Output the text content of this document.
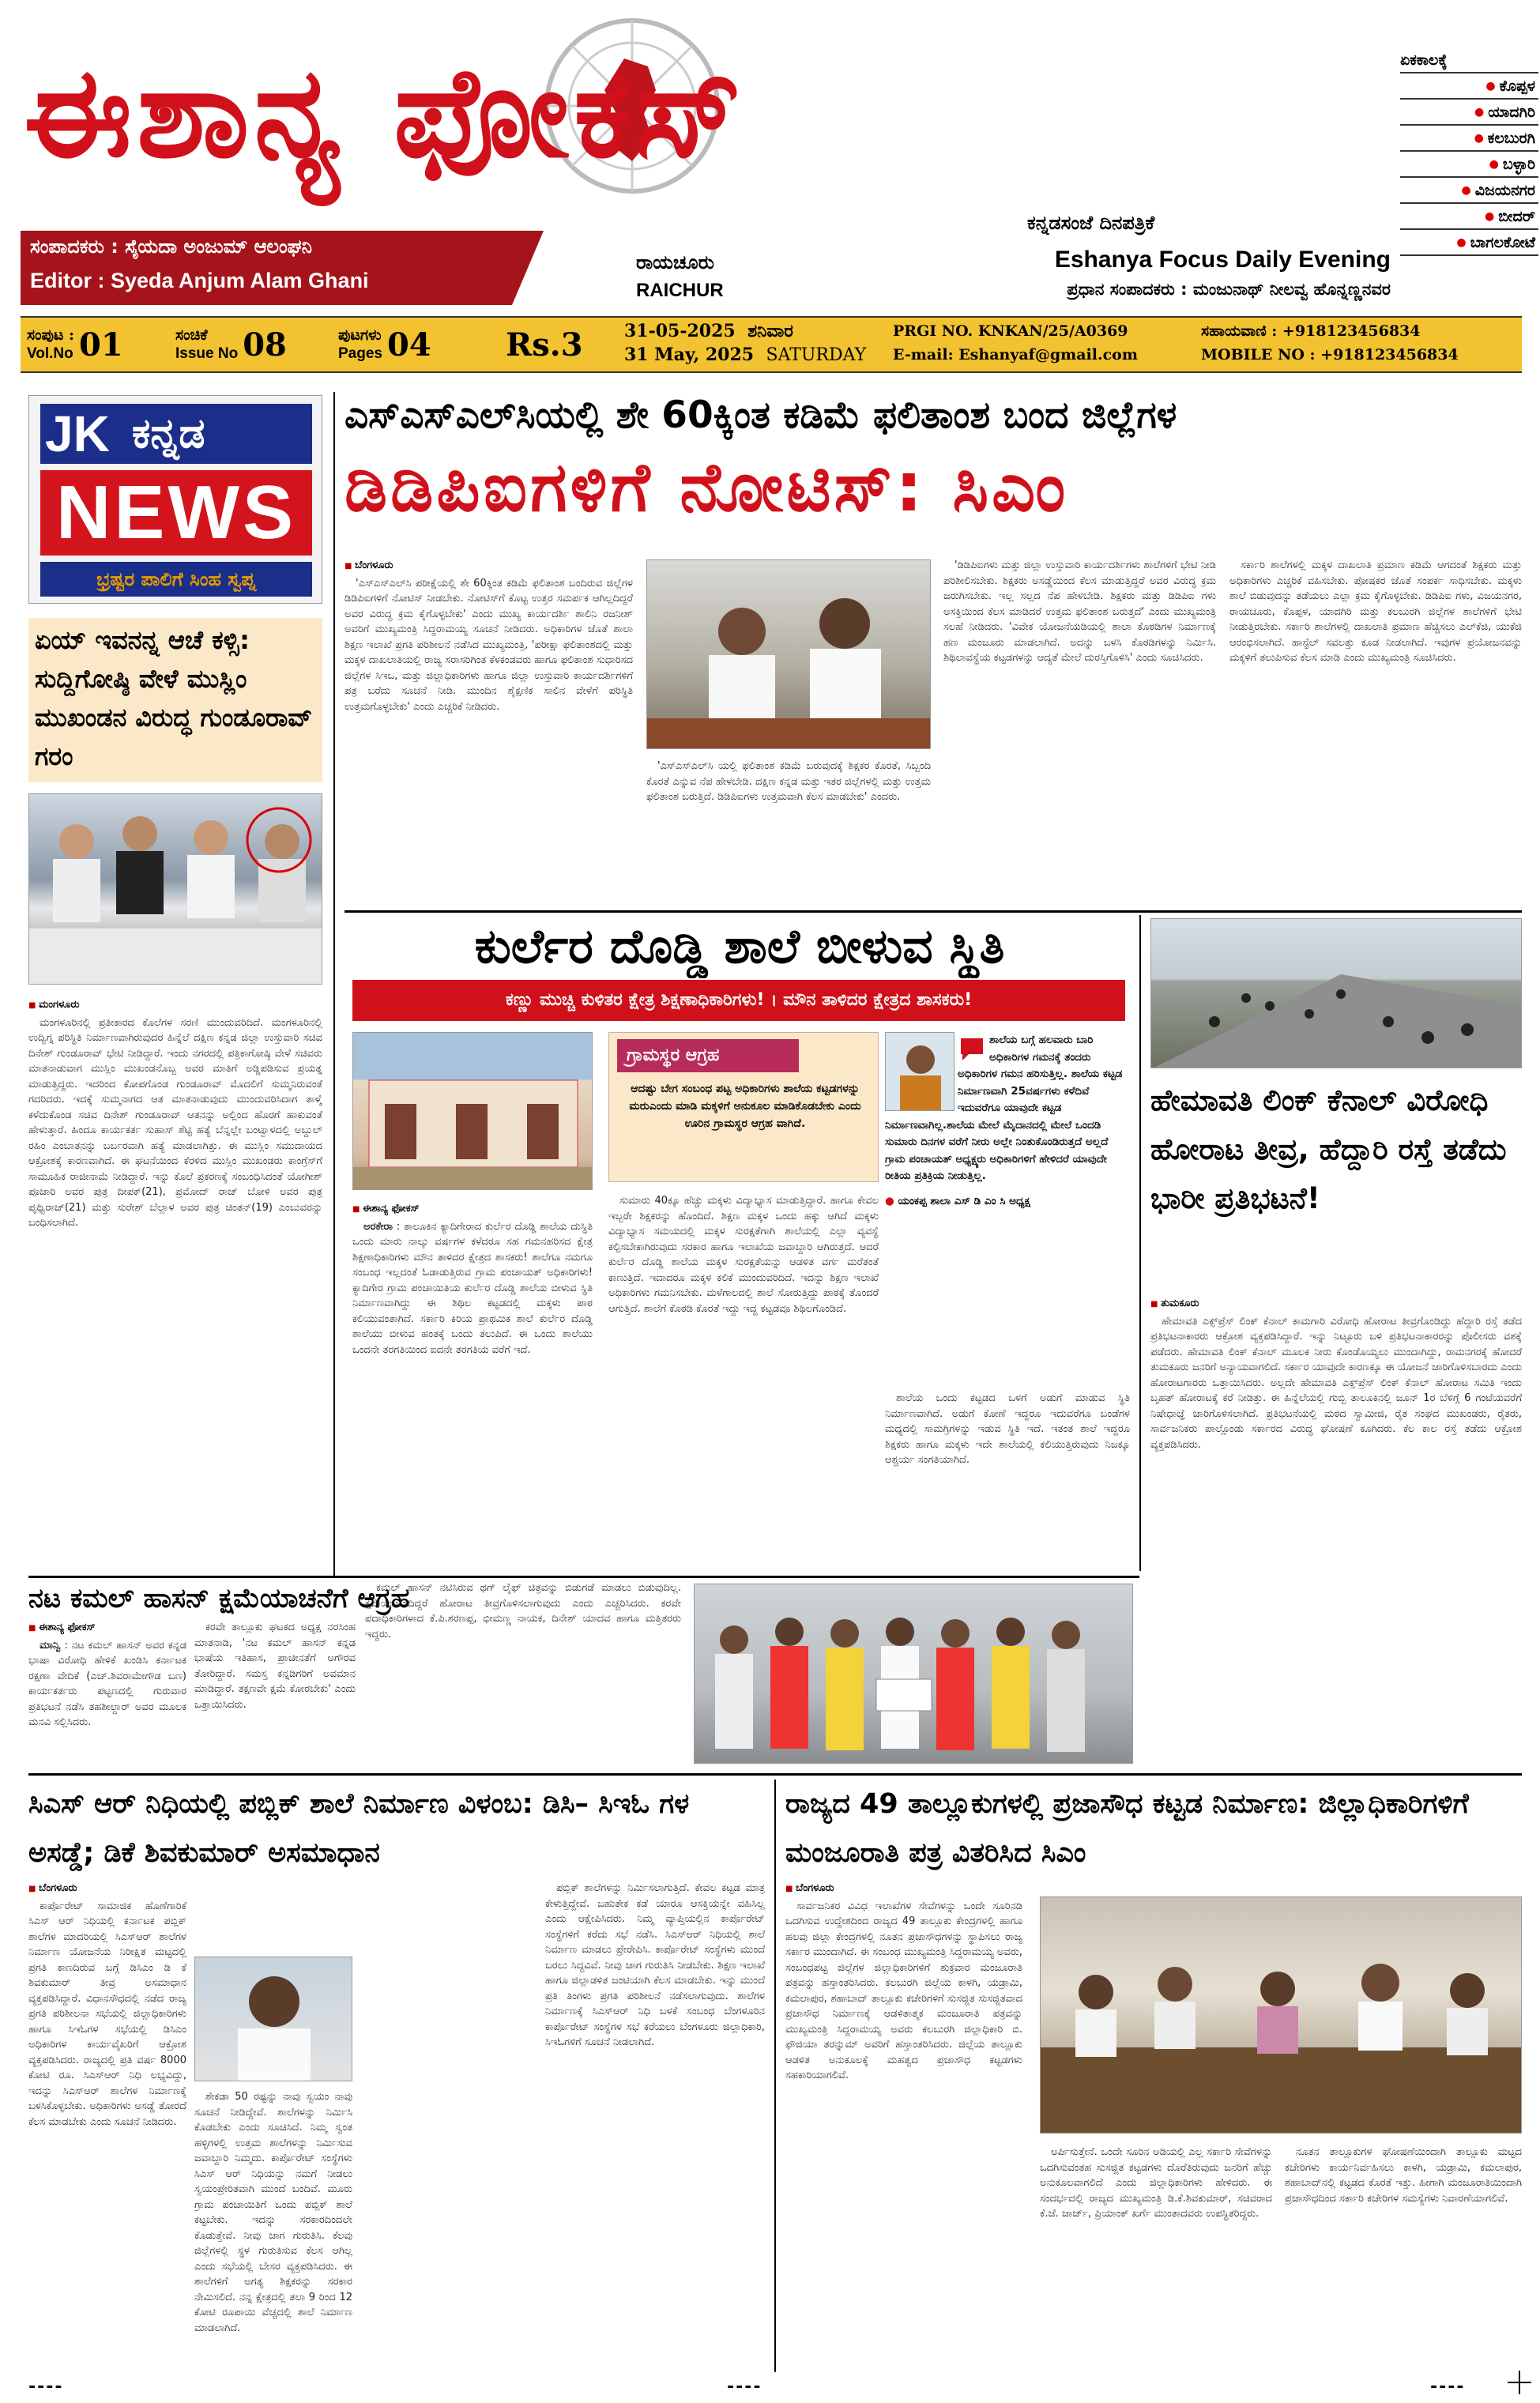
ಈಶಾನ್ಯ ಫೋಕಸ್	ಏಕಕಾಲಕ್ಕೆ
● ಕೊಪ್ಪಳ
● ಯಾದಗಿರಿ
● ಕಲಬುರಗಿ
● ಬಳ್ಳಾರಿ
● ವಿಜಯನಗರ
● ಬೀದರ್
● ಬಾಗಲಕೋಟೆ
ಸಂಪಾದಕರು : ಸೈಯದಾ ಅಂಜುಮ್ ಆಲಂಘನಿ
Editor : Syeda Anjum Alam Ghani
ರಾಯಚೂರು
RAICHUR
ಕನ್ನಡಸಂಜೆ ದಿನಪತ್ರಿಕೆ
Eshanya Focus Daily Evening
ಪ್ರಧಾನ ಸಂಪಾದಕರು : ಮಂಜುನಾಥ್ ನೀಲವ್ವ ಹೊನ್ನಣ್ಣನವರ
ಸಂಪುಟ :
Vol.No 01	ಸಂಚಿಕೆ
Issue No 08	ಪುಟಗಳು
Pages 04 Rs.3	31-05-2025 ಶನಿವಾರ
31 May, 2025 SATURDAY
PRGI NO. KNKAN/25/A0369
E-mail: Eshanyaf@gmail.com
ಸಹಾಯವಾಣಿ : +918123456834
MOBILE NO : +918123456834
JK ಕನ್ನಡ
NEWS
ಭ್ರಷ್ಟರ ಪಾಲಿಗೆ ಸಿಂಹ ಸ್ವಪ್ನ
ಏಯ್ ಇವನನ್ನ ಆಚೆ ಕಳ್ಸಿ: ಸುದ್ದಿಗೋಷ್ಠಿ ವೇಳೆ ಮುಸ್ಲಿಂ ಮುಖಂಡನ ವಿರುದ್ಧ ಗುಂಡೂರಾವ್ ಗರಂ
■ ಮಂಗಳೂರು

ಮಂಗಳೂರಿನಲ್ಲಿ ಪ್ರತೀಕಾರದ ಕೊಲೆಗಳ ಸರಣಿ ಮುಂದುವರಿದಿದೆ. ಮಂಗಳೂರಿನಲ್ಲಿ ಉದ್ವಿಗ್ನ ಪರಿಸ್ಥಿತಿ ನಿರ್ಮಾಣವಾಗಿರುವುದರ ಹಿನ್ನೆಲೆ ದಕ್ಷಿಣ ಕನ್ನಡ ಜಿಲ್ಲಾ ಉಸ್ತುವಾರಿ ಸಚಿವ ದಿನೇಶ್ ಗುಂಡೂರಾವ್ ಭೇಟಿ ನೀಡಿದ್ದಾರೆ. ಇಂದು ನಗರದಲ್ಲಿ ಪತ್ರಿಕಾಗೋಷ್ಠಿ ವೇಳೆ ಸಚಿವರು ಮಾತನಾಡುವಾಗ ಮುಸ್ಲಿಂ ಮುಖಂಡನೊಬ್ಬ ಅವರ ಮಾತಿಗೆ ಅಡ್ಡಿಪಡಿಸುವ ಪ್ರಯತ್ನ ಮಾಡುತ್ತಿದ್ದರು. ಇದರಿಂದ ಕೋಪಗೊಂಡ ಗುಂಡೂರಾವ್ ಮೊದಲಿಗೆ ಸುಮ್ಮನಿರುವಂತೆ ಗದರಿದರು. ಇದಕ್ಕೆ ಸುಮ್ಮನಾಗದ ಆತ ಮಾತನಾಡುವುದು ಮುಂದುವರಿಸಿದಾಗ ತಾಳ್ಮೆ ಕಳೆದುಕೊಂಡ ಸಚಿವ ದಿನೇಶ್ ಗುಂಡೂರಾವ್ ಆತನನ್ನು ಅಲ್ಲಿಂದ ಹೊರಗೆ ಹಾಕುವಂತೆ ಹೇಳುತ್ತಾರೆ. ಹಿಂದೂ ಕಾರ್ಯಕರ್ತ ಸುಹಾಸ್ ಶೆಟ್ಟಿ ಹತ್ಯೆ ಬೆನ್ನಲ್ಲೇ ಬಂಟ್ವಾಳದಲ್ಲಿ ಅಬ್ದುಲ್ ರಹಿಂ ಎಂಬಾತನನ್ನು ಬರ್ಬರವಾಗಿ ಹತ್ಯೆ ಮಾಡಲಾಗಿತ್ತು. ಈ ಮುಸ್ಲಿಂ ಸಮುದಾಯದ ಆಕ್ರೋಶಕ್ಕೆ ಕಾರಣವಾಗಿದೆ. ಈ ಘಟನೆಯಿಂದ ಕೆರಳಿದ ಮುಸ್ಲಿಂ ಮುಖಂಡರು ಕಾಂಗ್ರೆಸ್‌ಗೆ ಸಾಮೂಹಿಕ ರಾಜೀನಾಮೆ ನೀಡಿದ್ದಾರೆ. ಇನ್ನು ಕೊಲೆ ಪ್ರಕರಣಕ್ಕೆ ಸಂಬಂಧಿಸಿದಂತೆ ಯೋಗೀಶ್ ಪೂಜಾರಿ ಅವರ ಪುತ್ರ ದೀಪಕ್(21), ಪ್ರಮೋದ್ ರಾಜ್ ಬೋಳಿ ಅವರ ಪುತ್ರ ಪೃಥ್ವಿರಾಜ್(21) ಮತ್ತು ಸುರೇಶ್ ಬೆಲ್ಲಾಳ ಅವರ ಪುತ್ರ ಚಿಂತನ್(19) ಎಂಬುವರನ್ನು ಬಂಧಿಸಲಾಗಿದೆ.

ಎಸ್‌ಎಸ್‌ಎಲ್‌ಸಿಯಲ್ಲಿ ಶೇ 60ಕ್ಕಿಂತ ಕಡಿಮೆ ಫಲಿತಾಂಶ ಬಂದ ಜಿಲ್ಲೆಗಳ
ಡಿಡಿಪಿಐಗಳಿಗೆ ನೋಟಿಸ್: ಸಿಎಂ
■ ಬೆಂಗಳೂರು

'ಎಸ್‌ಎಸ್‌ಎಲ್‌ಸಿ ಪರೀಕ್ಷೆಯಲ್ಲಿ ಶೇ 60ಕ್ಕಿಂತ ಕಡಿಮೆ ಫಲಿತಾಂಶ ಬಂದಿರುವ ಜಿಲ್ಲೆಗಳ ಡಿಡಿಪಿಐಗಳಿಗೆ ನೋಟಿಸ್ ನೀಡಬೇಕು. ನೋಟಿಸ್‌ಗೆ ಕೊಟ್ಟ ಉತ್ತರ ಸಮರ್ಪಕ ಆಗಿಲ್ಲದಿದ್ದರೆ ಅವರ ವಿರುದ್ಧ ಕ್ರಮ ಕೈಗೊಳ್ಳಬೇಕು' ಎಂದು ಮುಖ್ಯ ಕಾರ್ಯದರ್ಶಿ ಶಾಲಿನಿ ರಜನೀಶ್ ಅವರಿಗೆ ಮುಖ್ಯಮಂತ್ರಿ ಸಿದ್ದರಾಮಯ್ಯ ಸೂಚನೆ ನೀಡಿದರು. ಅಧಿಕಾರಿಗಳ ಜೊತೆ ಶಾಲಾ ಶಿಕ್ಷಣ ಇಲಾಖೆ ಪ್ರಗತಿ ಪರಿಶೀಲನೆ ನಡೆಸಿದ ಮುಖ್ಯಮಂತ್ರಿ, 'ಪರೀಕ್ಷಾ ಫಲಿತಾಂಶದಲ್ಲಿ ಮತ್ತು ಮಕ್ಕಳ ದಾಖಲಾತಿಯಲ್ಲಿ ರಾಜ್ಯ ಸರಾಸರಿಗಿಂತ ಕೆಳಕಂಡವರು ಹಾಗೂ ಫಲಿತಾಂಶ ಸುಧಾರಿಸದ ಜಿಲ್ಲೆಗಳ ಸಿಇಒ, ಮತ್ತು ಜಿಲ್ಲಾಧಿಕಾರಿಗಳು ಹಾಗೂ ಜಿಲ್ಲಾ ಉಸ್ತುವಾರಿ ಕಾರ್ಯದರ್ಶಿಗಳಿಗೆ ಪತ್ರ ಬರೆದು ಸೂಚನೆ ನೀಡಿ. ಮುಂದಿನ ಶೈಕ್ಷಣಿಕ ಸಾಲಿನ ವೇಳೆಗೆ ಪರಿಸ್ಥಿತಿ ಉತ್ತಮಗೊಳ್ಳಬೇಕು' ಎಂದು ಎಚ್ಚರಿಕೆ ನೀಡಿದರು.

'ಎಸ್‌ಎಸ್‌ಎಲ್‌ಸಿ ಯಲ್ಲಿ ಫಲಿತಾಂಶ ಕಡಿಮೆ ಬರುವುದಕ್ಕೆ ಶಿಕ್ಷಕರ ಕೊರತೆ, ಸಿಬ್ಬಂದಿ ಕೊರತೆ ಎನ್ನುವ ನೆಪ ಹೇಳಬೇಡಿ. ದಕ್ಷಿಣ ಕನ್ನಡ ಮತ್ತು ಇತರ ಜಿಲ್ಲೆಗಳಲ್ಲಿ ಮತ್ತು ಉತ್ತಮ ಫಲಿತಾಂಶ ಬರುತ್ತಿದೆ. ಡಿಡಿಪಿಐಗಳು ಉತ್ತಮವಾಗಿ ಕೆಲಸ ಮಾಡಬೇಕು' ಎಂದರು.

'ಡಿಡಿಪಿಐಗಳು ಮತ್ತು ಜಿಲ್ಲಾ ಉಸ್ತುವಾರಿ ಕಾರ್ಯದರ್ಶಿಗಳು ಶಾಲೆಗಳಿಗೆ ಭೇಟಿ ನೀಡಿ ಪರಿಶೀಲಿಸಬೇಕು. ಶಿಕ್ಷಕರು ಅಸಡ್ಡೆಯಿಂದ ಕೆಲಸ ಮಾಡುತ್ತಿದ್ದರೆ ಅವರ ವಿರುದ್ಧ ಕ್ರಮ ಜರುಗಿಸಬೇಕು. ಇಲ್ಲ ಸಲ್ಲದ ನೆಪ ಹೇಳಬೇಡಿ. ಶಿಕ್ಷಕರು ಮತ್ತು ಡಿಡಿಪಿಐ ಗಳು ಅಸಕ್ತಿಯಿಂದ ಕೆಲಸ ಮಾಡಿದರೆ ಉತ್ತಮ ಫಲಿತಾಂಶ ಬರುತ್ತದೆ' ಎಂದು ಮುಖ್ಯಮಂತ್ರಿ ಸಲಹೆ ನೀಡಿದರು. 'ವಿವೇಕ ಯೋಜನೆಯಡಿಯಲ್ಲಿ ಶಾಲಾ ಕೊಠಡಿಗಳ ನಿರ್ಮಾಣಕ್ಕೆ ಹಣ ಮಂಜೂರು ಮಾಡಲಾಗಿದೆ. ಅದನ್ನು ಬಳಸಿ ಕೊಠಡಿಗಳನ್ನು ನಿರ್ಮಿಸಿ. ಶಿಥಿಲಾವಸ್ಥೆಯ ಕಟ್ಟಡಗಳನ್ನು ಆದ್ಯತೆ ಮೇಲೆ ದುರಸ್ತಿಗೊಳಿಸಿ' ಎಂದು ಸೂಚಿಸಿದರು.

ಸರ್ಕಾರಿ ಶಾಲೆಗಳಲ್ಲಿ ಮಕ್ಕಳ ದಾಖಲಾತಿ ಪ್ರಮಾಣ ಕಡಿಮೆ ಆಗದಂತೆ ಶಿಕ್ಷಕರು ಮತ್ತು ಅಧಿಕಾರಿಗಳು ಎಚ್ಚರಿಕೆ ವಹಿಸಬೇಕು. ಪೋಷಕರ ಜೊತೆ ಸಂಪರ್ಕ ಸಾಧಿಸಬೇಕು. ಮಕ್ಕಳು ಶಾಲೆ ಬಿಡುವುದನ್ನು ತಡೆಯಲು ಎಲ್ಲಾ ಕ್ರಮ ಕೈಗೊಳ್ಳಬೇಕು. ಡಿಡಿಪಿಐ ಗಳು, ವಿಜಯನಗರ, ರಾಯಚೂರು, ಕೊಪ್ಪಳ, ಯಾದಗಿರಿ ಮತ್ತು ಕಲಬುರಗಿ ಜಿಲ್ಲೆಗಳ ಶಾಲೆಗಳಿಗೆ ಭೇಟಿ ನೀಡುತ್ತಿರಬೇಕು. ಸರ್ಕಾರಿ ಶಾಲೆಗಳಲ್ಲಿ ದಾಖಲಾತಿ ಪ್ರಮಾಣ ಹೆಚ್ಚಿಸಲು ಎಲ್‌ಕೆಜಿ, ಯುಕೆಜಿ ಆರಂಭಿಸಲಾಗಿದೆ. ಹಾಸ್ಟೆಲ್ ಸವಲತ್ತು ಕೂಡ ನೀಡಲಾಗಿದೆ. ಇವುಗಳ ಪ್ರಯೋಜನವನ್ನು ಮಕ್ಕಳಿಗೆ ತಲುಪಿಸುವ ಕೆಲಸ ಮಾಡಿ ಎಂದು ಮುಖ್ಯಮಂತ್ರಿ ಸೂಚಿಸಿದರು.

ಕುರ್ಲೆರ ದೊಡ್ಡಿ ಶಾಲೆ ಬೀಳುವ ಸ್ಥಿತಿ
ಕಣ್ಣು ಮುಚ್ಚಿ ಕುಳಿತರ ಕ್ಷೇತ್ರ ಶಿಕ್ಷಣಾಧಿಕಾರಿಗಳು! । ಮೌನ ತಾಳಿದರ ಕ್ಷೇತ್ರದ ಶಾಸಕರು!
ಗ್ರಾಮಸ್ಥರ ಆಗ್ರಹ
ಆದಷ್ಟು ಬೇಗ ಸಂಬಂಧ ಪಟ್ಟ ಅಧಿಕಾರಿಗಳು ಶಾಲೆಯ ಕಟ್ಟಡಗಳನ್ನು ಮರುಎಂದು ಮಾಡಿ ಮಕ್ಕಳಿಗೆ ಅನುಕೂಲ ಮಾಡಿಕೊಡಬೇಕು ಎಂದು ಊರಿನ ಗ್ರಾಮಸ್ಥರ ಆಗ್ರಹ ವಾಗಿದೆ.
ಶಾಲೆಯ ಬಗ್ಗೆ ಹಲವಾರು ಬಾರಿ ಅಧಿಕಾರಿಗಳ ಗಮನಕ್ಕೆ ತಂದರು ಅಧಿಕಾರಿಗಳ ಗಮನ ಹರಿಸುತ್ತಿಲ್ಲ. ಶಾಲೆಯ ಕಟ್ಟಡ ನಿರ್ಮಾಣವಾಗಿ 25ವರ್ಷಗಳು ಕಳೆದಿವೆ ಇದುವರೆಗೂ ಯಾವುದೇ ಕಟ್ಟಡ ನಿರ್ಮಾಣವಾಗಿಲ್ಲ.ಶಾಲೆಯ ಮೇಲೆ ಮೈದಾನದಲ್ಲಿ ಮೇಲೆ ಒಂದಡಿ ಸುಮಾರು ದಿನಗಳ ವರೆಗೆ ನೀರು ಅಲ್ಲೇ ನಿಂತುಕೊಂಡಿರುತ್ತದೆ ಅಲ್ಲದೆ ಗ್ರಾಮ ಪಂಚಾಯತ್ ಅಧ್ಯಕ್ಷ್ಯರು ಅಧಿಕಾರಿಗಳಿಗೆ ಹೇಳಿದರೆ ಯಾವುದೇ ರೀತಿಯ ಪ್ರತಿಕ್ರಿಯ ನೀಡುತ್ತಿಲ್ಲ.
● ಯಂಕಪ್ಪ ಶಾಲಾ ಎಸ್ ಡಿ ಎಂ ಸಿ ಅಧ್ಯಕ್ಷ
■ ಈಶಾನ್ಯ ಫೋಕಸ್

ಅರಕೇರಾ : ತಾಲೂಕಿನ ಕ್ಯಾದಿಗೇರಾದ ಕುರ್ಲೆರ ದೊಡ್ಡಿ ಶಾಲೆಯ ದುಸ್ಥಿತಿ ಒಂದು ಮಾರು ನಾಲ್ಕು ವರ್ಷಗಳ ಕಳೆದರೂ ಸಹ ಗಮನಹರಿಸದ ಕ್ಷೇತ್ರ ಶಿಕ್ಷಣಾಧಿಕಾರಿಗಳು ಮೌನ ತಾಳಿದರ ಕ್ಷೇತ್ರದ ಶಾಸಕರು! ಶಾಲೆಗೂ ನಮಗೂ ಸಂಬಂಧ ಇಲ್ಲದಂತೆ ಓಡಾಡುತ್ತಿರುವ ಗ್ರಾಮ ಪಂಚಾಯತ್ ಅಧಿಕಾರಿಗಳು! ಕ್ಯಾದಿಗೇರ ಗ್ರಾಮ ಪಂಚಾಯಿತಿಯ ಕುರ್ಲೆರ ದೊಡ್ಡಿ ಶಾಲೆಯ ಬೀಳುವ ಸ್ಥಿತಿ ನಿರ್ಮಾಣವಾಗಿದ್ದು ಈ ಶಿಥಿಲ ಕಟ್ಟಡದಲ್ಲಿ ಮಕ್ಕಳು ಪಾಠ ಕಲಿಯುವಂತಾಗಿದೆ. ಸರ್ಕಾರಿ ಕಿರಿಯ ಪ್ರಾಥಮಿಕ ಶಾಲೆ ಕುರ್ಲೆರ ದೊಡ್ಡಿ ಶಾಲೆಯು ಬೀಳುವ ಹಂತಕ್ಕೆ ಬಂದು ತಲುಪಿದೆ. ಈ ಒಂದು ಶಾಲೆಯು ಒಂದನೇ ತರಗತಿಯಿಂದ ಐದನೇ ತರಗತಿಯ ವರೆಗೆ ಇದೆ.

ಸುಮಾರು 40ಕ್ಕೂ ಹೆಚ್ಚು ಮಕ್ಕಳು ವಿದ್ಯಾಭ್ಯಾಸ ಮಾಡುತ್ತಿದ್ದಾರೆ. ಹಾಗೂ ಕೇವಲ ಇಬ್ಬರೇ ಶಿಕ್ಷಕರನ್ನು ಹೊಂದಿದೆ. ಶಿಕ್ಷಣ ಮಕ್ಕಳ ಒಂದು ಹಕ್ಕು ಆಗಿದೆ ಮಕ್ಕಳು ವಿದ್ಯಾಭ್ಯಾಸ ಸಮಯದಲ್ಲಿ ಮಕ್ಕಳ ಸುರಕ್ಷತೆಗಾಗಿ ಶಾಲೆಯಲ್ಲಿ ಎಲ್ಲಾ ವ್ಯವಸ್ಥೆ ಕಲ್ಪಿಸಬೇಕಾಗಿರುವುದು ಸರಕಾರ ಹಾಗೂ ಇಲಾಖೆಯ ಜವಾಬ್ದಾರಿ ಆಗಿರುತ್ತದೆ. ಆದರೆ ಕುರ್ಲೆರ ದೊಡ್ಡಿ ಶಾಲೆಯ ಮಕ್ಕಳ ಸುರಕ್ಷತೆಯನ್ನು ಆಡಳಿತ ವರ್ಗ ಮರೆತಂತೆ ಕಾಣುತ್ತಿದೆ. ಇದಾದರೂ ಮಕ್ಕಳ ಕಲಿಕೆ ಮುಂದುವರಿದಿದೆ. ಇದನ್ನು ಶಿಕ್ಷಣ ಇಲಾಖೆ ಅಧಿಕಾರಿಗಳು ಗಮನಿಸಬೇಕು. ಮಳೆಗಾಲದಲ್ಲಿ ಶಾಲೆ ಸೋರುತ್ತಿದ್ದು ಪಾಠಕ್ಕೆ ತೊಂದರೆ ಆಗುತ್ತಿದೆ. ಶಾಲೆಗೆ ಕೊಠಡಿ ಕೊರತೆ ಇದ್ದು ಇದ್ದ ಕಟ್ಟಡವೂ ಶಿಥಿಲಗೊಂಡಿದೆ.

ಶಾಲೆಯ ಒಂದು ಕಟ್ಟಡದ ಒಳಗೆ ಅಡುಗೆ ಮಾಡುವ ಸ್ಥಿತಿ ನಿರ್ಮಾಣವಾಗಿದೆ. ಅಡುಗೆ ಕೋಣೆ ಇದ್ದರೂ ಇದುವರೆಗೂ ಬಂಡೆಗಳ ಮಧ್ಯದಲ್ಲಿ ಸಾಮಗ್ರಿಗಳನ್ನು ಇಡುವ ಸ್ಥಿತಿ ಇದೆ. ಇತಂತ ಶಾಲೆ ಇದ್ದರೂ ಶಿಕ್ಷಕರು ಹಾಗೂ ಮಕ್ಕಳು ಇದೇ ಶಾಲೆಯಲ್ಲಿ ಕಲಿಯುತ್ತಿರುವುದು ನಿಜಕ್ಕೂ ಆಶ್ಚರ್ಯ ಸಂಗತಿಯಾಗಿದೆ.

ಹೇಮಾವತಿ ಲಿಂಕ್ ಕೆನಾಲ್ ವಿರೋಧಿ ಹೋರಾಟ ತೀವ್ರ, ಹೆದ್ದಾರಿ ರಸ್ತೆ ತಡೆದು ಭಾರೀ ಪ್ರತಿಭಟನೆ!
■ ತುಮಕೂರು

ಹೇಮಾವತಿ ಎಕ್ಸ್‌ಪ್ರೆಸ್ ಲಿಂಕ್ ಕೆನಾಲ್ ಕಾಮಗಾರಿ ವಿರೋಧಿ ಹೋರಾಟ ತೀವ್ರಗೊಂಡಿದ್ದು ಹೆದ್ದಾರಿ ರಸ್ತೆ ತಡೆದ ಪ್ರತಿಭಟನಾಕಾರರು ಆಕ್ರೋಶ ವ್ಯಕ್ತಪಡಿಸಿದ್ದಾರೆ. ಇನ್ನು ನಿಟ್ಟೂರು ಬಳಿ ಪ್ರತಿಭಟನಾಕಾರರನ್ನು ಪೊಲೀಸರು ವಶಕ್ಕೆ ಪಡೆದರು. ಹೇಮಾವತಿ ಲಿಂಕ್ ಕೆನಾಲ್ ಮೂಲಕ ನೀರು ಕೊಂಡೊಯ್ಯಲು ಮುಂದಾಗಿದ್ದು, ರಾಮನಗರಕ್ಕೆ ಹೋದರೆ ತುಮಕೂರು ಜನರಿಗೆ ಅನ್ಯಾಯವಾಗಲಿದೆ. ಸರ್ಕಾರ ಯಾವುದೇ ಕಾರಣಕ್ಕೂ ಈ ಯೋಜನೆ ಜಾರಿಗೊಳಿಸಬಾರದು ಎಂದು ಹೋರಾಟಗಾರರು ಒತ್ತಾಯಿಸಿದರು. ಅಲ್ಲದೇ ಹೇಮಾವತಿ ಎಕ್ಸ್‌ಪ್ರೆಸ್ ಲಿಂಕ್ ಕೆನಾಲ್ ಹೋರಾಟ ಸಮಿತಿ ಇಂದು ಬೃಹತ್ ಹೋರಾಟಕ್ಕೆ ಕರೆ ನೀಡಿತ್ತು. ಈ ಹಿನ್ನೆಲೆಯಲ್ಲಿ ಗುಬ್ಬಿ ತಾಲೂಕಿನಲ್ಲಿ ಜೂನ್ 1ರ ಬೆಳಿಗ್ಗೆ 6 ಗಂಟೆಯವರೆಗೆ ನಿಷೇಧಾಜ್ಞೆ ಜಾರಿಗೊಳಿಸಲಾಗಿದೆ. ಪ್ರತಿಭಟನೆಯಲ್ಲಿ ಮಠದ ಸ್ವಾಮೀಜಿ, ರೈತ ಸಂಘದ ಮುಖಂಡರು, ರೈತರು, ಸಾರ್ವಜನಿಕರು ಪಾಲ್ಗೊಂಡು ಸರ್ಕಾರದ ವಿರುದ್ಧ ಘೋಷಣೆ ಕೂಗಿದರು. ಕೆಲ ಕಾಲ ರಸ್ತೆ ತಡೆದು ಆಕ್ರೋಶ ವ್ಯಕ್ತಪಡಿಸಿದರು.

ನಟ ಕಮಲ್ ಹಾಸನ್ ಕ್ಷಮೆಯಾಚನೆಗೆ ಆಗ್ರಹ
■ ಈಶಾನ್ಯ ಫೋಕಸ್

ಮಾನ್ವಿ : ನಟ ಕಮಲ್ ಹಾಸನ್ ಅವರ ಕನ್ನಡ ಭಾಷಾ ವಿರೋಧಿ ಹೇಳಿಕೆ ಖಂಡಿಸಿ ಕರ್ನಾಟಕ ರಕ್ಷಣಾ ವೇದಿಕೆ (ಎಚ್.ಶಿವರಾಮೇಗೌಡ ಬಣ) ಕಾರ್ಯಕರ್ತರು ಪಟ್ಟಣದಲ್ಲಿ ಗುರುವಾರ ಪ್ರತಿಭಟನೆ ನಡೆಸಿ ತಹಶೀಲ್ದಾರ್ ಅವರ ಮೂಲಕ ಮನವಿ ಸಲ್ಲಿಸಿದರು.

ಕರವೇ ತಾಲ್ಲೂಕು ಘಟಕದ ಅಧ್ಯಕ್ಷ ನರಸಿಂಹ ಮಾತನಾಡಿ, 'ನಟ ಕಮಲ್ ಹಾಸನ್ ಕನ್ನಡ ಭಾಷೆಯ ಇತಿಹಾಸ, ಪ್ರಾಚೀನತೆಗೆ ಅಗೌರವ ತೋರಿದ್ದಾರೆ. ಸಮಸ್ತ ಕನ್ನಡಿಗರಿಗೆ ಅವಮಾನ ಮಾಡಿದ್ದಾರೆ. ತಕ್ಷಣವೇ ಕ್ಷಮೆ ಕೋರಬೇಕು' ಎಂದು ಒತ್ತಾಯಿಸಿದರು.

ಕಮಲ್ ಹಾಸನ್ ನಟಿಸಿರುವ ಥಗ್ ಲೈಫ್ ಚಿತ್ರವನ್ನು ಬಿಡುಗಡೆ ಮಾಡಲು ಬಿಡುವುದಿಲ್ಲ. ಕ್ಷಮೆಯಾಚಿಸದಿದ್ದರೆ ಹೋರಾಟ ತೀವ್ರಗೊಳಿಸಲಾಗುವುದು ಎಂದು ಎಚ್ಚರಿಸಿದರು. ಕರವೇ ಪದಾಧಿಕಾರಿಗಳಾದ ಕೆ.ಪಿ.ಶರಣಪ್ಪ, ಭೀಮಣ್ಣ ನಾಯಕ, ದಿನೇಶ್ ಯಾದವ ಹಾಗೂ ಮತ್ತಿತರರು ಇದ್ದರು.

ಸಿಎಸ್ ಆರ್ ನಿಧಿಯಲ್ಲಿ ಪಬ್ಲಿಕ್ ಶಾಲೆ ನಿರ್ಮಾಣ ವಿಳಂಬ: ಡಿಸಿ– ಸಿಇಓ ಗಳ ಅಸಡ್ಡೆ; ಡಿಕೆ ಶಿವಕುಮಾರ್ ಅಸಮಾಧಾನ
■ ಬೆಂಗಳೂರು

ಕಾರ್ಪೊರೇಟ್ ಸಾಮಾಜಿಕ ಹೊಣೆಗಾರಿಕೆ ಸಿಎಸ್ ಆರ್ ನಿಧಿಯಲ್ಲಿ ಕರ್ನಾಟಕ ಪಬ್ಲಿಕ್ ಶಾಲೆಗಳ ಮಾದರಿಯಲ್ಲಿ ಸಿಎಸ್ಆರ್ ಶಾಲೆಗಳ ನಿರ್ಮಾಣ ಯೋಜನೆಯ ನಿರೀಕ್ಷಿತ ಮಟ್ಟದಲ್ಲಿ ಪ್ರಗತಿ ಕಾಣದಿರುವ ಬಗ್ಗೆ ಡಿಸಿಎಂ ಡಿ ಕೆ ಶಿವಕುಮಾರ್ ತೀವ್ರ ಅಸಮಾಧಾನ ವ್ಯಕ್ತಪಡಿಸಿದ್ದಾರೆ. ವಿಧಾನಸೌಧದಲ್ಲಿ ನಡೆದ ರಾಜ್ಯ ಪ್ರಗತಿ ಪರಿಶೀಲನಾ ಸಭೆಯಲ್ಲಿ ಜಿಲ್ಲಾಧಿಕಾರಿಗಳು ಹಾಗೂ ಸಿಇಓಗಳ ಸಭೆಯಲ್ಲಿ ಡಿಸಿಎಂ ಅಧಿಕಾರಿಗಳ ಕಾರ್ಯವೈಖರಿಗೆ ಆಕ್ರೋಶ ವ್ಯಕ್ತಪಡಿಸಿದರು. ರಾಜ್ಯದಲ್ಲಿ ಪ್ರತಿ ವರ್ಷ 8000 ಕೋಟಿ ರೂ. ಸಿಎಸ್ಆರ್ ನಿಧಿ ಲಭ್ಯವಿದ್ದು, ಇದನ್ನು ಸಿಎಸ್ಆರ್ ಶಾಲೆಗಳ ನಿರ್ಮಾಣಕ್ಕೆ ಬಳಸಿಕೊಳ್ಳಬೇಕು. ಅಧಿಕಾರಿಗಳು ಅಸಡ್ಡೆ ತೋರದೆ ಕೆಲಸ ಮಾಡಬೇಕು ಎಂದು ಸೂಚನೆ ನೀಡಿದರು.

ಶೇಕಡಾ 50 ರಷ್ಟನ್ನು ನಾವು ಸ್ವಯಂ ನಾವು ಸೂಚನೆ ನೀಡಿದ್ದೇವೆ. ಶಾಲೆಗಳನ್ನು ನಿರ್ಮಿಸಿ ಕೊಡಬೇಕು ಎಂದು ಸೂಚಿಸಿದೆ. ನಿಮ್ಮ ಸ್ವಂತ ಹಳ್ಳಿಗಳಲ್ಲಿ ಉತ್ತಮ ಶಾಲೆಗಳನ್ನು ನಿರ್ಮಿಸುವ ಜವಾಬ್ದಾರಿ ನಿಮ್ಮದು. ಕಾರ್ಪೊರೇಟ್ ಸಂಸ್ಥೆಗಳು ಸಿಎಸ್ ಆರ್ ನಿಧಿಯನ್ನು ನಮಗೆ ನೀಡಲು ಸ್ವಯಂಪ್ರೇರಿತವಾಗಿ ಮುಂದೆ ಬಂದಿವೆ. ಮೂರು ಗ್ರಾಮ ಪಂಚಾಯಿತಿಗೆ ಒಂದು ಪಬ್ಲಿಕ್ ಶಾಲೆ ಕಟ್ಟಬೇಕು. ಇದನ್ನು ಸರಕಾರದಿಂದಲೇ ಕೊಡುತ್ತೇವೆ. ನೀವು ಜಾಗ ಗುರುತಿಸಿ. ಕೆಲವು ಜಿಲ್ಲೆಗಳಲ್ಲಿ ಸ್ಥಳ ಗುರುತಿಸುವ ಕೆಲಸ ಆಗಿಲ್ಲ ಎಂದು ಸಭೆಯಲ್ಲಿ ಬೇಸರ ವ್ಯಕ್ತಪಡಿಸಿದರು. ಈ ಶಾಲೆಗಳಿಗೆ ಅಗತ್ಯ ಶಿಕ್ಷಕರನ್ನು ಸರಕಾರ ನೇಮಿಸಲಿದೆ. ನನ್ನ ಕ್ಷೇತ್ರದಲ್ಲಿ ತಲಾ 9 ರಿಂದ 12 ಕೋಟಿ ರೂಪಾಯಿ ವೆಚ್ಚದಲ್ಲಿ ಶಾಲೆ ನಿರ್ಮಾಣ ಮಾಡಲಾಗಿದೆ.

ಪಬ್ಲಿಕ್ ಶಾಲೆಗಳನ್ನು ನಿರ್ಮಿಸಲಾಗುತ್ತಿದೆ. ಕೇವಲ ಕಟ್ಟಡ ಮಾತ್ರ ಕೇಳುತ್ತಿದ್ದೇವೆ. ಬಹುತೇಕ ಕಡೆ ಯಾರೂ ಆಸಕ್ತಿಯನ್ನೇ ವಹಿಸಿಲ್ಲ ಎಂದು ಆಕ್ಷೇಪಿಸಿದರು. ನಿಮ್ಮ ವ್ಯಾಪ್ತಿಯಲ್ಲಿನ ಕಾರ್ಪೊರೇಟ್ ಸಂಸ್ಥೆಗಳಿಗೆ ಕರೆದು ಸಭೆ ನಡೆಸಿ. ಸಿಎಸ್ಆರ್ ನಿಧಿಯಲ್ಲಿ ಶಾಲೆ ನಿರ್ಮಾಣ ಮಾಡಲು ಪ್ರೇರೇಪಿಸಿ. ಕಾರ್ಪೊರೇಟ್ ಸಂಸ್ಥೆಗಳು ಮುಂದೆ ಬರಲು ಸಿದ್ಧವಿವೆ. ನೀವು ಜಾಗ ಗುರುತಿಸಿ ನೀಡಬೇಕು. ಶಿಕ್ಷಣ ಇಲಾಖೆ ಹಾಗೂ ಜಿಲ್ಲಾಡಳಿತ ಜಂಟಿಯಾಗಿ ಕೆಲಸ ಮಾಡಬೇಕು. ಇನ್ನು ಮುಂದೆ ಪ್ರತಿ ತಿಂಗಳು ಪ್ರಗತಿ ಪರಿಶೀಲನೆ ನಡೆಸಲಾಗುವುದು. ಶಾಲೆಗಳ ನಿರ್ಮಾಣಕ್ಕೆ ಸಿಎಸ್ಆರ್ ನಿಧಿ ಬಳಕೆ ಸಂಬಂಧ ಬೆಂಗಳೂರಿನ ಕಾರ್ಪೊರೇಟ್ ಸಂಸ್ಥೆಗಳ ಸಭೆ ಕರೆಯಲು ಬೆಂಗಳೂರು ಜಿಲ್ಲಾಧಿಕಾರಿ, ಸಿಇಓಗಳಿಗೆ ಸೂಚನೆ ನೀಡಲಾಗಿದೆ.

ರಾಜ್ಯದ 49 ತಾಲ್ಲೂಕುಗಳಲ್ಲಿ ಪ್ರಜಾಸೌಧ ಕಟ್ಟಡ ನಿರ್ಮಾಣ: ಜಿಲ್ಲಾಧಿಕಾರಿಗಳಿಗೆ ಮಂಜೂರಾತಿ ಪತ್ರ ವಿತರಿಸಿದ ಸಿಎಂ
■ ಬೆಂಗಳೂರು

ಸಾರ್ವಜನಿಕರ ವಿವಿಧ ಇಲಾಖೆಗಳ ಸೇವೆಗಳನ್ನು ಒಂದೇ ಸೂರಿನಡಿ ಒದಗಿಸುವ ಉದ್ದೇಶದಿಂದ ರಾಜ್ಯದ 49 ತಾಲ್ಲೂಕು ಕೇಂದ್ರಗಳಲ್ಲಿ ಹಾಗೂ ಹಲವು ಜಿಲ್ಲಾ ಕೇಂದ್ರಗಳಲ್ಲಿ ನೂತನ ಪ್ರಜಾಸೌಧಗಳನ್ನು ಸ್ಥಾಪಿಸಲು ರಾಜ್ಯ ಸರ್ಕಾರ ಮುಂದಾಗಿದೆ. ಈ ಸಂಬಂಧ ಮುಖ್ಯಮಂತ್ರಿ ಸಿದ್ದರಾಮಯ್ಯ ಅವರು, ಸಂಬಂಧಪಟ್ಟ ಜಿಲ್ಲೆಗಳ ಜಿಲ್ಲಾಧಿಕಾರಿಗಳಿಗೆ ಶುಕ್ರವಾರ ಮಂಜೂರಾತಿ ಪತ್ರವನ್ನು ಹಸ್ತಾಂತರಿಸಿದರು. ಕಲಬುರಗಿ ಜಿಲ್ಲೆಯ ಕಾಳಗಿ, ಯಡ್ರಾಮಿ, ಕಮಲಾಪುರ, ಶಹಾಬಾದ್ ತಾಲ್ಲೂಕು ಕಚೇರಿಗಳಿಗೆ ಸುಸಜ್ಜಿತ ಸುಸಜ್ಜಿತವಾದ ಪ್ರಜಾಸೌಧ ನಿರ್ಮಾಣಕ್ಕೆ ಆಡಳಿತಾತ್ಮಕ ಮಂಜೂರಾತಿ ಪತ್ರವನ್ನು ಮುಖ್ಯಮಂತ್ರಿ ಸಿದ್ದರಾಮಯ್ಯ ಅವರು ಕಲಬುರಗಿ ಜಿಲ್ಲಾಧಿಕಾರಿ ಬಿ. ಫೌಜಿಯಾ ತರನ್ನುಮ್ ಅವರಿಗೆ ಹಸ್ತಾಂತರಿಸಿದರು. ಜಿಲ್ಲೆಯ ತಾಲ್ಲೂಕು ಆಡಳಿತ ಅನುಕೂಲಕ್ಕೆ ಮಹತ್ವದ ಪ್ರಜಾಸೌಧ ಕಟ್ಟಡಗಳು ಸಹಕಾರಿಯಾಗಲಿವೆ.

ಅರ್ಪಿಸುತ್ತೇನೆ. ಒಂದೇ ಸೂರಿನ ಅಡಿಯಲ್ಲಿ ಎಲ್ಲ ಸರ್ಕಾರಿ ಸೇವೆಗಳನ್ನು ಒದಗಿಸುವಂತಹ ಸುಸಜ್ಜಿತ ಕಟ್ಟಡಗಳು ದೊರೆತಿರುವುದು ಜನರಿಗೆ ಹೆಚ್ಚು ಅನುಕೂಲವಾಗಲಿದೆ ಎಂದು ಜಿಲ್ಲಾಧಿಕಾರಿಗಳು ಹೇಳಿದರು. ಈ ಸಂದರ್ಭದಲ್ಲಿ ರಾಜ್ಯದ ಮುಖ್ಯಮಂತ್ರಿ ಡಿ.ಕೆ.ಶಿವಕುಮಾರ್, ಸಚಿವರಾದ ಕೆ.ಜೆ. ಜಾರ್ಜ್, ಪ್ರಿಯಾಂಕ್ ಖರ್ಗೆ ಮುಂತಾದವರು ಉಪಸ್ಥಿತರಿದ್ದರು.

ನೂತನ ತಾಲ್ಲೂಕುಗಳ ಘೋಷಣೆಯಿಂದಾಗಿ ತಾಲ್ಲೂಕು ಮಟ್ಟದ ಕಚೇರಿಗಳು ಕಾರ್ಯನಿರ್ವಹಿಸಲು ಕಾಳಗಿ, ಯಡ್ರಾಮಿ, ಕಮಲಾಪುರ, ಶಹಾಬಾದ್‌ನಲ್ಲಿ ಕಟ್ಟಡದ ಕೊರತೆ ಇತ್ತು. ಹೀಗಾಗಿ ಮಂಜೂರಾತಿಯಿಂದಾಗಿ ಪ್ರಜಾಸೌಧದಿಂದ ಸರ್ಕಾರಿ ಕಚೇರಿಗಳ ಸಮಸ್ಯೆಗಳು ನಿವಾರಣೆಯಾಗಲಿವೆ.

----	----	----
